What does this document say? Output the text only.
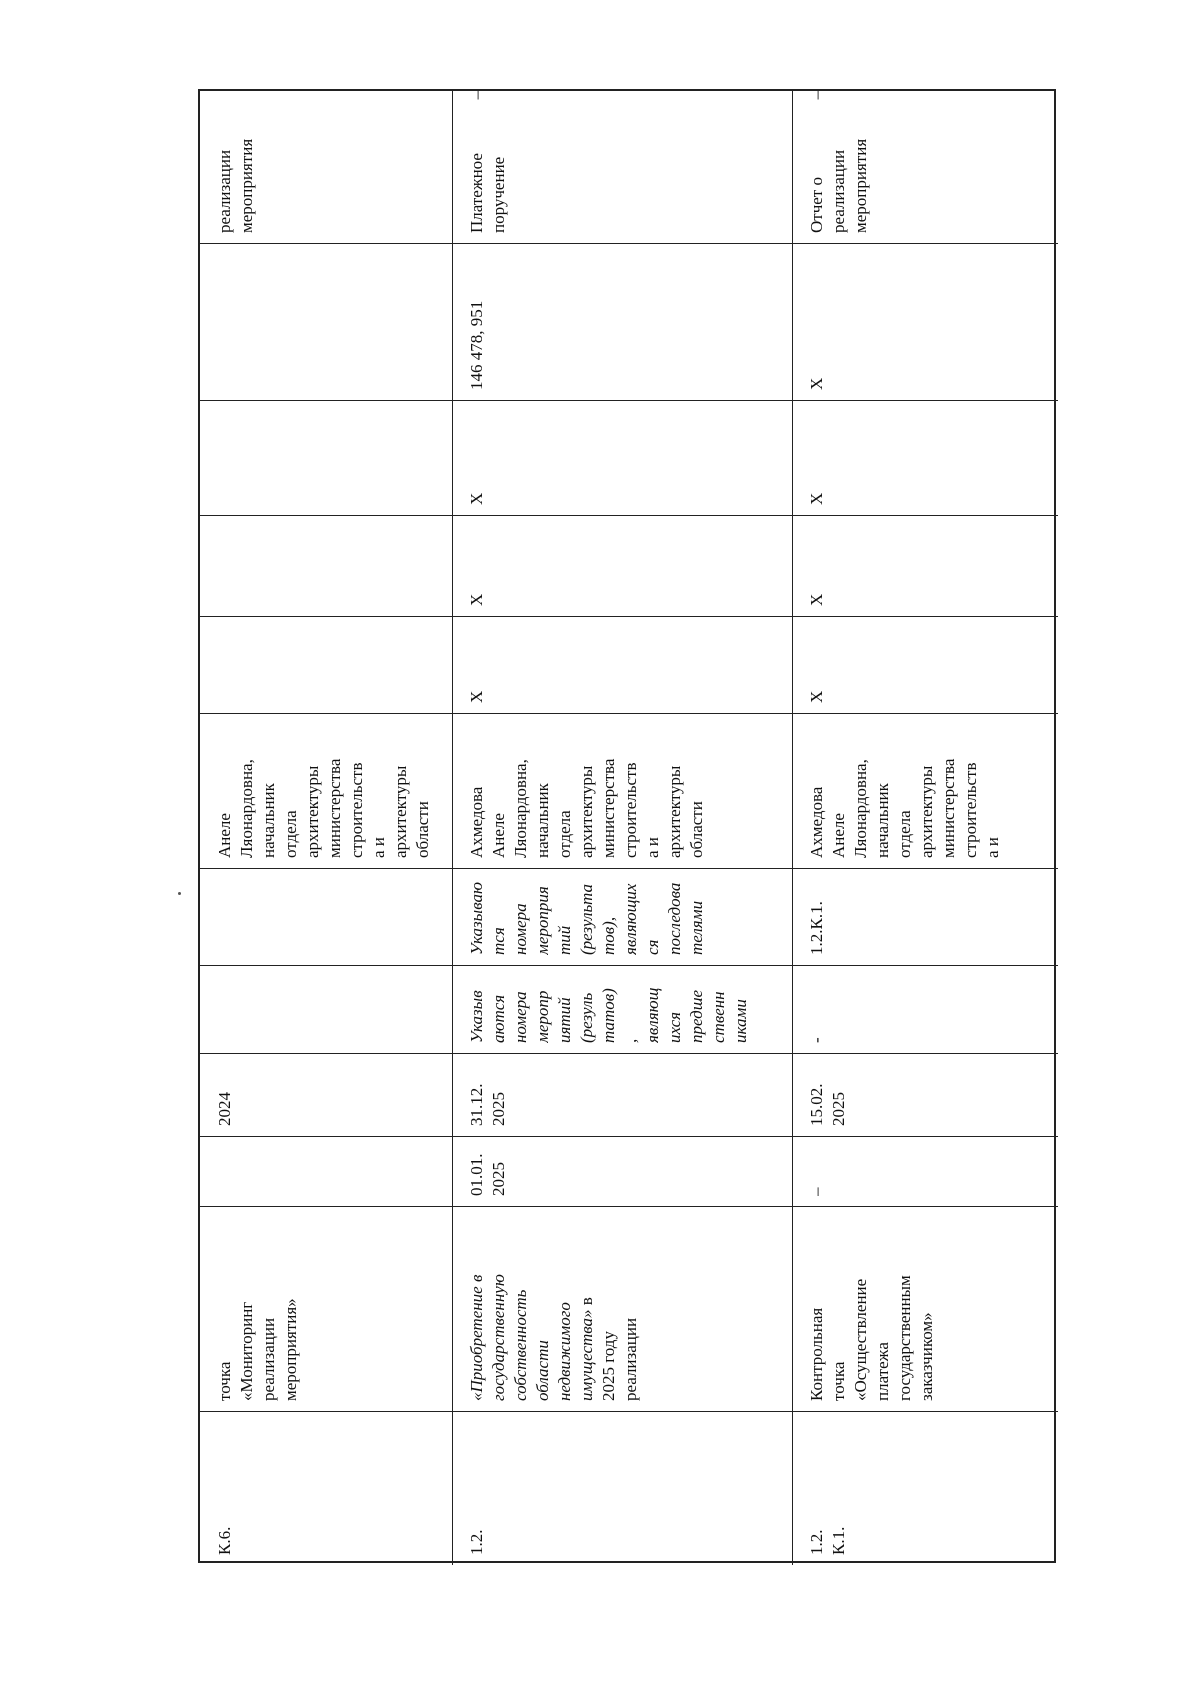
К.6.
точка «Мониторинг реализации мероприятия»
2024
Анеле Ляонардовна, начальник отдела архитектуры министерства строительств а и архитектуры области
реализации мероприятия
1.2.
«Приобретение в государственную собственность области недвижимого имущества» в
2025 году реализации
01.01. 2025
31.12. 2025
Указыв аются номера меропр иятий (резуль татов) , являющ ихся предше ственн иками
Указываю тся номера мероприя тий (результа тов), являющих ся последова телями
Ахмедова Анеле Ляонардовна, начальник отдела архитектуры министерства строительств а и архитектуры области
X
X
X
146 478, 951
Платежное поручение
–
1.2. К.1.
Контрольная точка «Осуществление платежа государственным заказчиком»
–
15.02. 2025
-
1.2.К.1.
Ахмедова Анеле Ляонардовна, начальник отдела архитектуры министерства строительств а и
X
X
X
X
Отчет о реализации мероприятия
–
